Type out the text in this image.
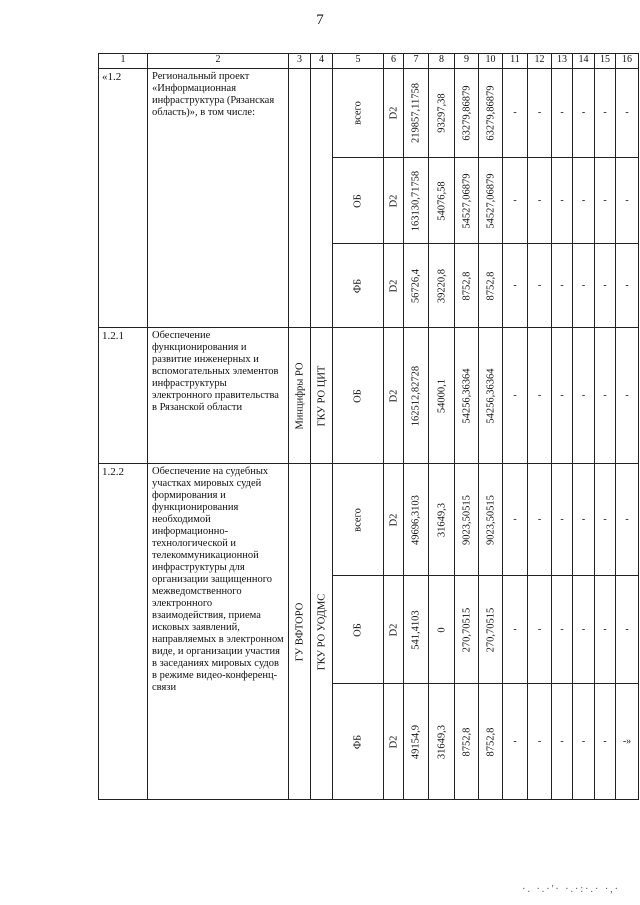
7
1	2	3	4	5	6	7	8	9	10	11	12	13	14	15	16
«1.2	Региональный проект «Информационная инфраструктура (Рязанская область)», в том числе:			всего	D2	219857,11758	93297,38	63279,86879	63279,86879	-	-	-	-	-	-

				ОБ	D2	163130,71758	54076,58	54527,06879	54527,06879	-	-	-	-	-	-

				ФБ	D2	56726,4	39220,8	8752,8	8752,8	-	-	-	-	-	-

1.2.1	Обеспечение функционирования и развитие инженерных и вспомогательных элементов инфраструктуры электронного правительства в Рязанской области	Минцифры РО	ГКУ РО ЦИТ	ОБ	D2	162512,82728	54000,1	54256,36364	54256,36364	-	-	-	-	-	-

1.2.2	Обеспечение на судебных участках мировых судей формирования и функционирования необходимой информационно-технологической и телекоммуникационной инфраструктуры для организации защищенного межведомственного электронного взаимодействия, приема исковых заявлений, направляемых в электронном виде, и организации участия в заседаниях мировых судов в режиме видео-конференц-связи	ГУ ВФТОРО	ГКУ РО УОДМС	всего	D2	49696,3103	31649,3	9023,50515	9023,50515	-	-	-	-	-	-

				ОБ	D2	541,4103	0	270,70515	270,70515	-	-	-	-	-	-

				ФБ	D2	49154,9	31649,3	8752,8	8752,8	-	-	-	-	-	-»
·. ·.·'· ·.·:·.· ·,·
